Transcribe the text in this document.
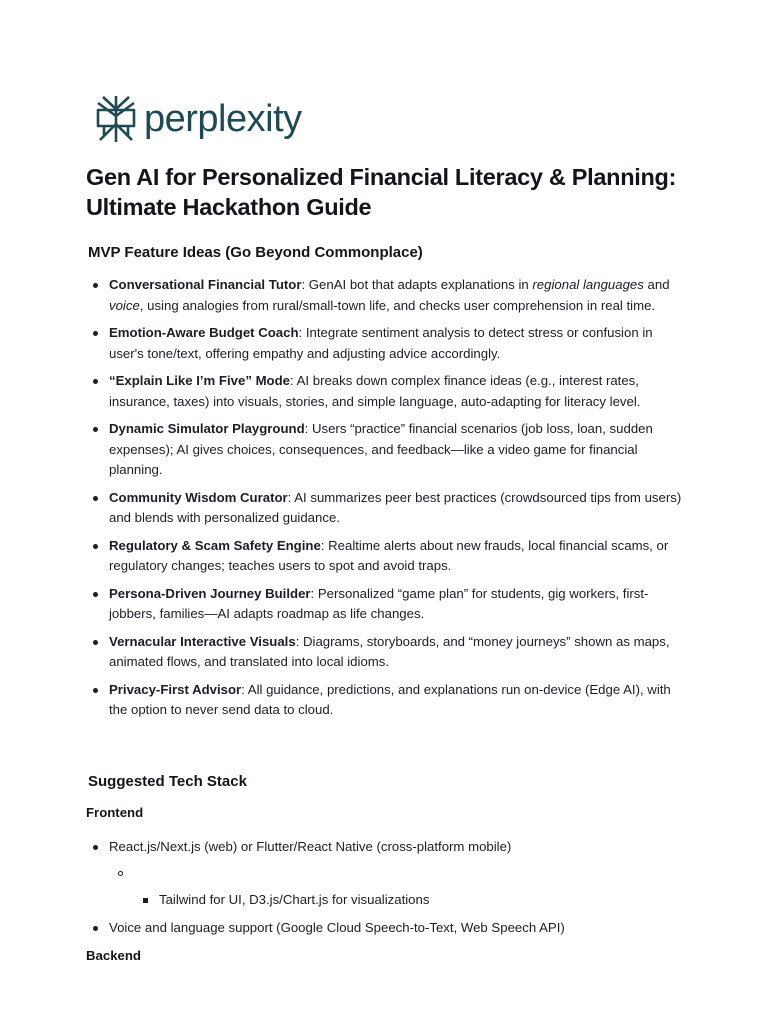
perplexity
Gen AI for Personalized Financial Literacy & Planning: Ultimate Hackathon Guide
MVP Feature Ideas (Go Beyond Commonplace)
Conversational Financial Tutor: GenAI bot that adapts explanations in regional languages and voice, using analogies from rural/small-town life, and checks user comprehension in real time.
Emotion-Aware Budget Coach: Integrate sentiment analysis to detect stress or confusion in user's tone/text, offering empathy and adjusting advice accordingly.
“Explain Like I’m Five” Mode: AI breaks down complex finance ideas (e.g., interest rates, insurance, taxes) into visuals, stories, and simple language, auto-adapting for literacy level.
Dynamic Simulator Playground: Users “practice” financial scenarios (job loss, loan, sudden expenses); AI gives choices, consequences, and feedback—like a video game for financial planning.
Community Wisdom Curator: AI summarizes peer best practices (crowdsourced tips from users) and blends with personalized guidance.
Regulatory & Scam Safety Engine: Realtime alerts about new frauds, local financial scams, or regulatory changes; teaches users to spot and avoid traps.
Persona-Driven Journey Builder: Personalized “game plan” for students, gig workers, first-jobbers, families—AI adapts roadmap as life changes.
Vernacular Interactive Visuals: Diagrams, storyboards, and “money journeys” shown as maps, animated flows, and translated into local idioms.
Privacy-First Advisor: All guidance, predictions, and explanations run on-device (Edge AI), with the option to never send data to cloud.
Suggested Tech Stack
Frontend
React.js/Next.js (web) or Flutter/React Native (cross-platform mobile)
Tailwind for UI, D3.js/Chart.js for visualizations
Voice and language support (Google Cloud Speech-to-Text, Web Speech API)
Backend
